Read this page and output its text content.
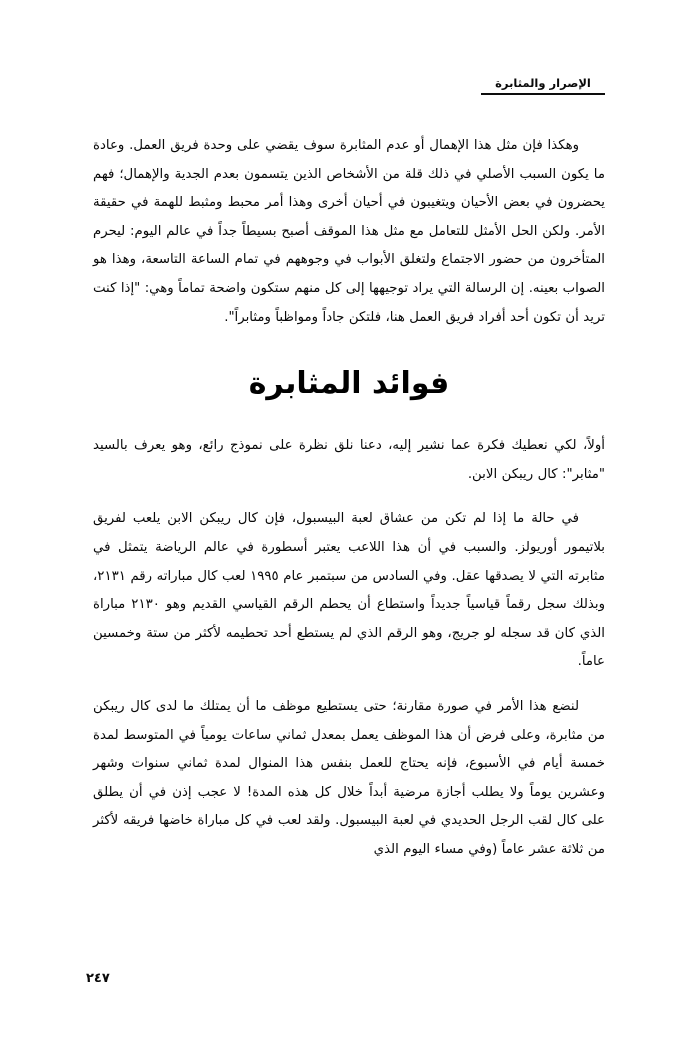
الإصرار والمثابرة

وهكذا فإن مثل هذا الإهمال أو عدم المثابرة سوف يقضي على وحدة فريق العمل. وعادة ما يكون السبب الأصلي في ذلك قلة من الأشخاص الذين يتسمون بعدم الجدية والإهمال؛ فهم يحضرون في بعض الأحيان ويتغيبون في أحيان أخرى وهذا أمر محبط ومثبط للهمة في حقيقة الأمر. ولكن الحل الأمثل للتعامل مع مثل هذا الموقف أصبح بسيطاً جداً في عالم اليوم: ليحرم المتأخرون من حضور الاجتماع ولتغلق الأبواب في وجوههم في تمام الساعة التاسعة، وهذا هو الصواب بعينه. إن الرسالة التي يراد توجيهها إلى كل منهم ستكون واضحة تماماً وهي: "إذا كنت تريد أن تكون أحد أفراد فريق العمل هنا، فلتكن جاداً ومواظباً ومثابراً".

فوائد المثابرة

أولاً، لكي نعطيك فكرة عما نشير إليه، دعنا نلق نظرة على نموذج رائع، وهو يعرف بالسيد "مثابر": كال ريبكن الابن.

في حالة ما إذا لم تكن من عشاق لعبة البيسبول، فإن كال ريبكن الابن يلعب لفريق بلاتيمور أوريولز. والسبب في أن هذا اللاعب يعتبر أسطورة في عالم الرياضة يتمثل في مثابرته التي لا يصدقها عقل. وفي السادس من سبتمبر عام ١٩٩٥ لعب كال مباراته رقم ٢١٣١، وبذلك سجل رقماً قياسياً جديداً واستطاع أن يحطم الرقم القياسي القديم وهو ٢١٣٠ مباراة الذي كان قد سجله لو جريج، وهو الرقم الذي لم يستطع أحد تحطيمه لأكثر من ستة وخمسين عاماً.

لنضع هذا الأمر في صورة مقارنة؛ حتى يستطيع موظف ما أن يمتلك ما لدى كال ريبكن من مثابرة، وعلى فرض أن هذا الموظف يعمل بمعدل ثماني ساعات يومياً في المتوسط لمدة خمسة أيام في الأسبوع، فإنه يحتاج للعمل بنفس هذا المنوال لمدة ثماني سنوات وشهر وعشرين يوماً ولا يطلب أجازة مرضية أبداً خلال كل هذه المدة! لا عجب إذن في أن يطلق على كال لقب الرجل الحديدي في لعبة البيسبول. ولقد لعب في كل مباراة خاضها فريقه لأكثر من ثلاثة عشر عاماً (وفي مساء اليوم الذي

٢٤٧
